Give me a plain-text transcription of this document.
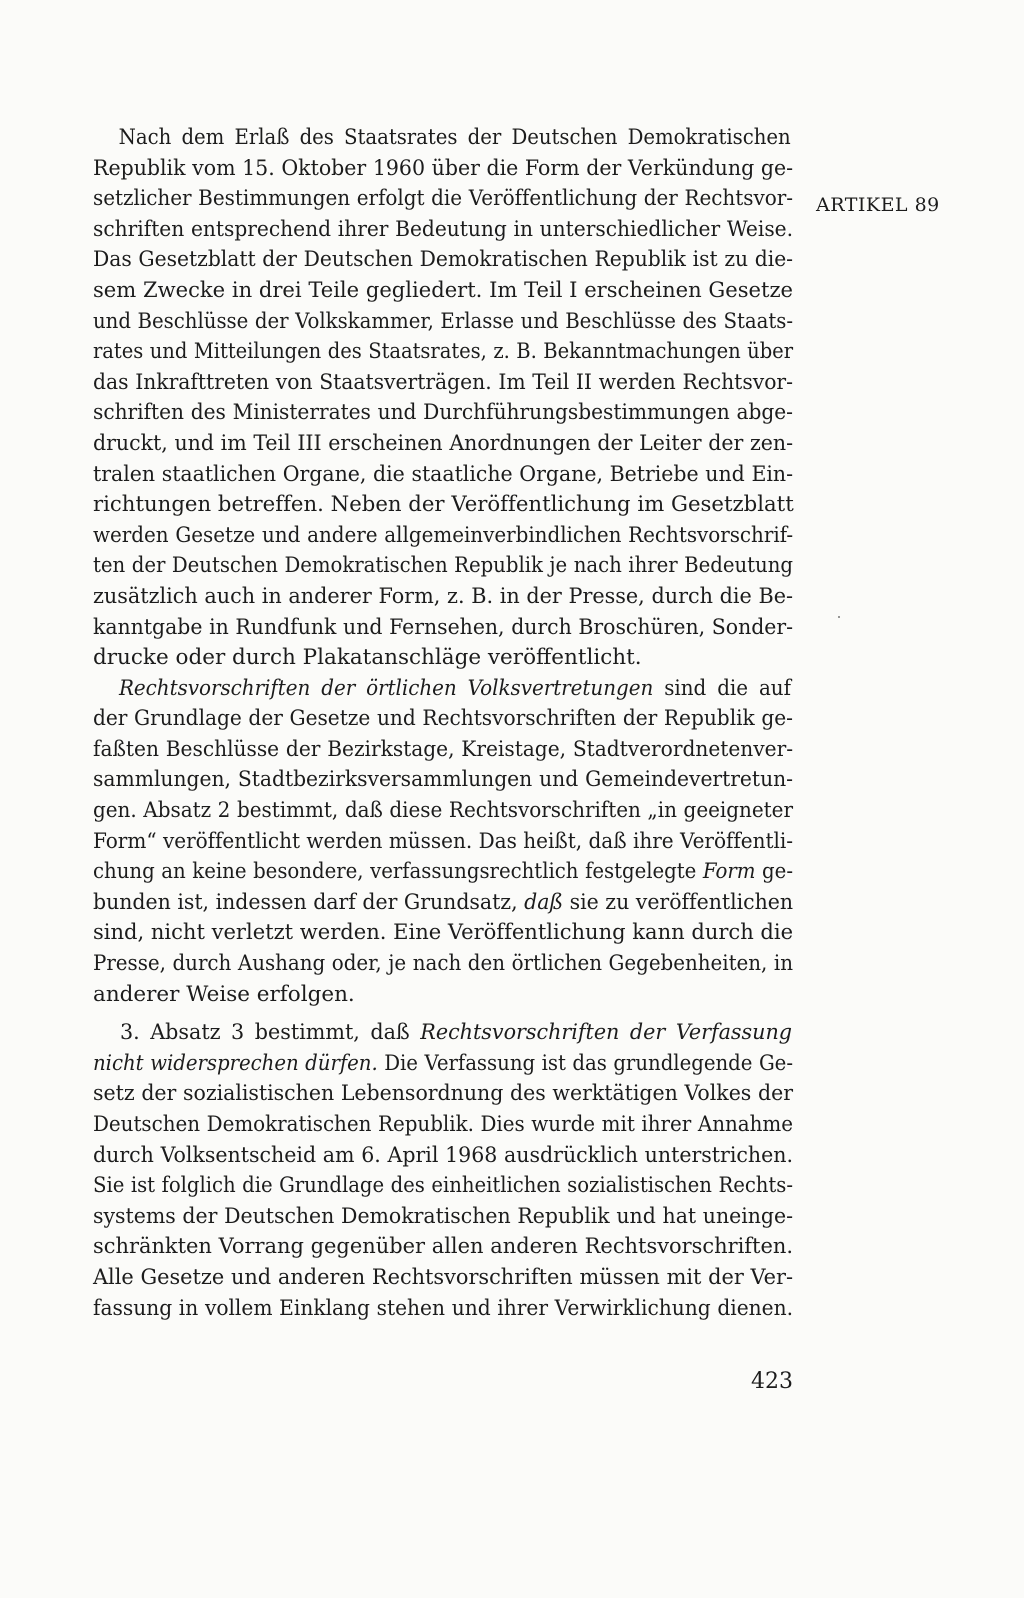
Nach dem Erlaß des Staatsrates der Deutschen Demokratischen
Republik vom 15. Oktober 1960 über die Form der Verkündung ge-
setzlicher Bestimmungen erfolgt die Veröffentlichung der Rechtsvor-
schriften entsprechend ihrer Bedeutung in unterschiedlicher Weise.
Das Gesetzblatt der Deutschen Demokratischen Republik ist zu die-
sem Zwecke in drei Teile gegliedert. Im Teil I erscheinen Gesetze
und Beschlüsse der Volkskammer, Erlasse und Beschlüsse des Staats-
rates und Mitteilungen des Staatsrates, z. B. Bekanntmachungen über
das Inkrafttreten von Staatsverträgen. Im Teil II werden Rechtsvor-
schriften des Ministerrates und Durchführungsbestimmungen abge-
druckt, und im Teil III erscheinen Anordnungen der Leiter der zen-
tralen staatlichen Organe, die staatliche Organe, Betriebe und Ein-
richtungen betreffen. Neben der Veröffentlichung im Gesetzblatt
werden Gesetze und andere allgemeinverbindlichen Rechtsvorschrif-
ten der Deutschen Demokratischen Republik je nach ihrer Bedeutung
zusätzlich auch in anderer Form, z. B. in der Presse, durch die Be-
kanntgabe in Rundfunk und Fernsehen, durch Broschüren, Sonder-
drucke oder durch Plakatanschläge veröffentlicht.
Rechtsvorschriften der örtlichen Volksvertretungen sind die auf
der Grundlage der Gesetze und Rechtsvorschriften der Republik ge-
faßten Beschlüsse der Bezirkstage, Kreistage, Stadtverordnetenver-
sammlungen, Stadtbezirksversammlungen und Gemeindevertretun-
gen. Absatz 2 bestimmt, daß diese Rechtsvorschriften „in geeigneter
Form“ veröffentlicht werden müssen. Das heißt, daß ihre Veröffentli-
chung an keine besondere, verfassungsrechtlich festgelegte Form ge-
bunden ist, indessen darf der Grundsatz, daß sie zu veröffentlichen
sind, nicht verletzt werden. Eine Veröffentlichung kann durch die
Presse, durch Aushang oder, je nach den örtlichen Gegebenheiten, in
anderer Weise erfolgen.
3. Absatz 3 bestimmt, daß Rechtsvorschriften der Verfassung
nicht widersprechen dürfen. Die Verfassung ist das grundlegende Ge-
setz der sozialistischen Lebensordnung des werktätigen Volkes der
Deutschen Demokratischen Republik. Dies wurde mit ihrer Annahme
durch Volksentscheid am 6. April 1968 ausdrücklich unterstrichen.
Sie ist folglich die Grundlage des einheitlichen sozialistischen Rechts-
systems der Deutschen Demokratischen Republik und hat uneinge-
schränkten Vorrang gegenüber allen anderen Rechtsvorschriften.
Alle Gesetze und anderen Rechtsvorschriften müssen mit der Ver-
fassung in vollem Einklang stehen und ihrer Verwirklichung dienen.
ARTIKEL 89
423
